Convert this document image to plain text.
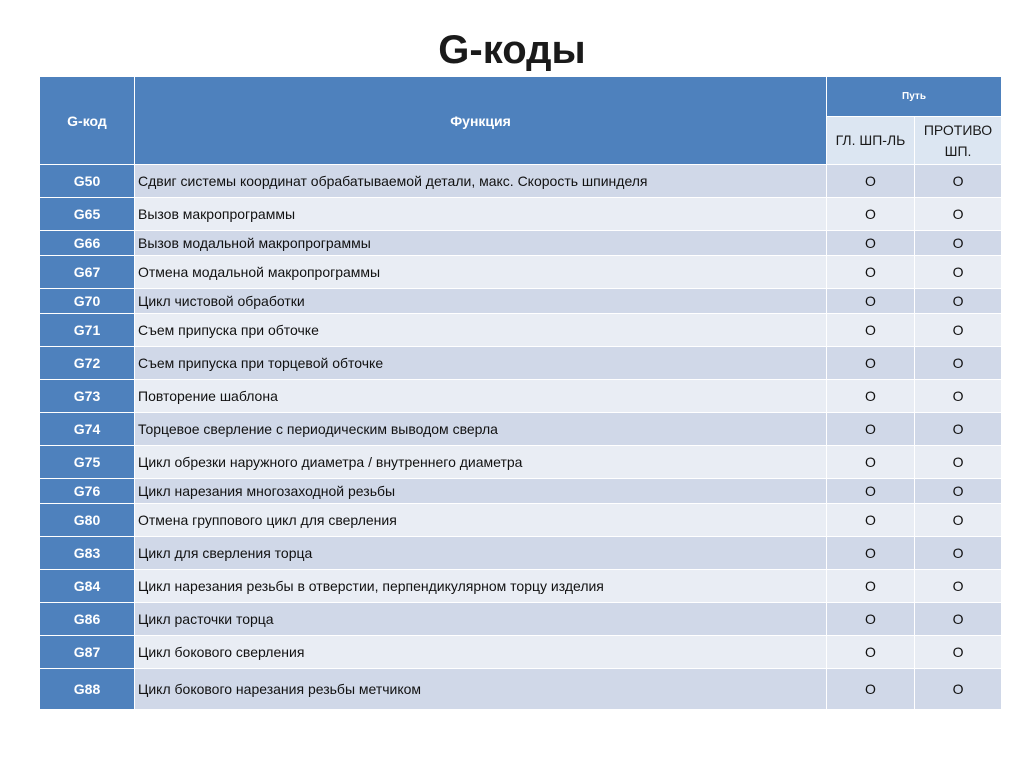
G-коды
G-код	Функция	Путь	
		ГЛ. ШП-ЛЬ	ПРОТИВО ШП.
G50	Сдвиг системы координат обрабатываемой детали, макс. Скорость шпинделя	O	O
G65	Вызов макропрограммы	O	O
G66	Вызов модальной макропрограммы	O	O
G67	Отмена модальной макропрограммы	O	O
G70	Цикл чистовой обработки	O	O
G71	Съем припуска при обточке	O	O
G72	Съем припуска при торцевой обточке	O	O
G73	Повторение шаблона	O	O
G74	Торцевое сверление с периодическим выводом сверла	O	O
G75	Цикл обрезки наружного диаметра / внутреннего диаметра	O	O
G76	Цикл нарезания многозаходной резьбы	O	O
G80	Отмена группового цикл для сверления	O	O
G83	Цикл для сверления торца	O	O
G84	Цикл нарезания резьбы в отверстии, перпендикулярном торцу изделия	O	O
G86	Цикл расточки торца	O	O
G87	Цикл бокового сверления	O	O
G88	Цикл бокового нарезания резьбы метчиком	O	O
